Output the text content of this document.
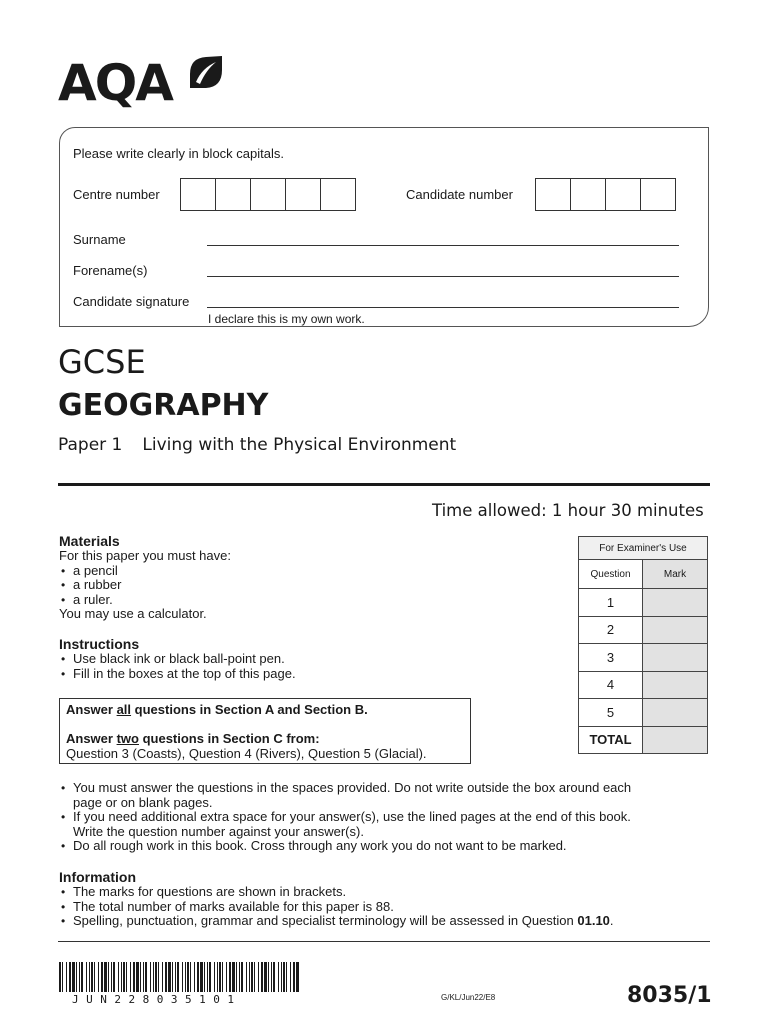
AQA
Please write clearly in block capitals.
Centre number	Candidate number
Surname
Forename(s)
Candidate signature
I declare this is my own work.
GCSE
GEOGRAPHY
Paper 1 Living with the Physical Environment
Time allowed: 1 hour 30 minutes
Materials
For this paper you must have:
• a pencil
• a rubber
• a ruler.
You may use a calculator.
Instructions
• Use black ink or black ball-point pen.
• Fill in the boxes at the top of this page.
Answer all questions in Section A and Section B.
Answer two questions in Section C from:
Question 3 (Coasts), Question 4 (Rivers), Question 5 (Glacial).
For Examiner's Use	
Question	Mark
1	
2	
3	
4	
5	
TOTAL	
• You must answer the questions in the spaces provided. Do not write outside the box around each
page or on blank pages.
• If you need additional extra space for your answer(s), use the lined pages at the end of this book.
Write the question number against your answer(s).
• Do all rough work in this book. Cross through any work you do not want to be marked.
Information
• The marks for questions are shown in brackets.
• The total number of marks available for this paper is 88.
• Spelling, punctuation, grammar and specialist terminology will be assessed in Question 01.10.
JUN228035101	G/KL/Jun22/E8	8035/1
